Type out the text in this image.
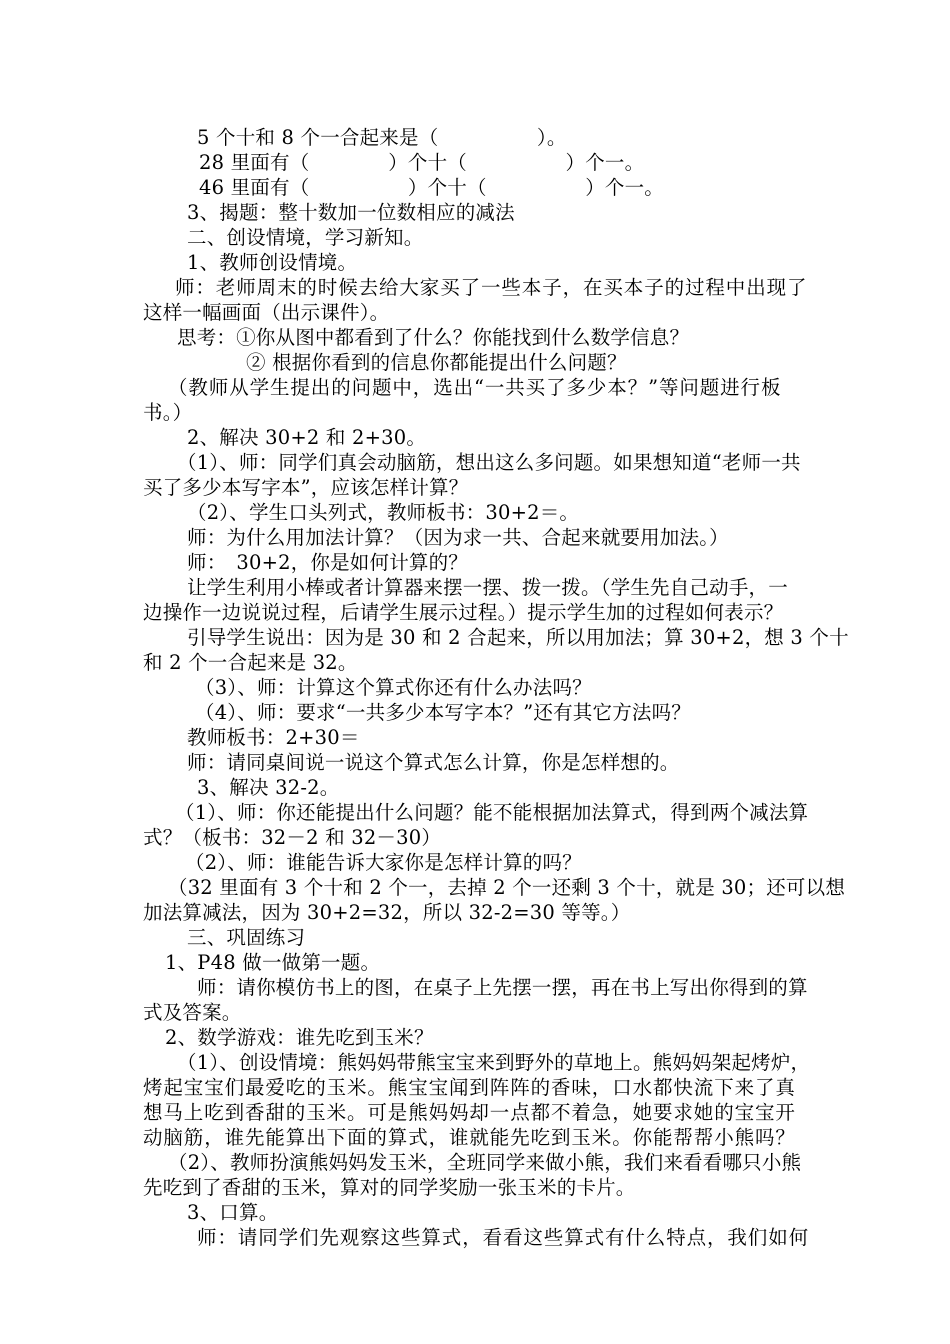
5 个十和 8 个一合起来是（　　　　　）。
28 里面有（　　　　）个十（　　　　　）个一。
46 里面有（　　　　　）个十（　　　　　）个一。
3、揭题：整十数加一位数相应的减法
二、创设情境，学习新知。
1、教师创设情境。
师：老师周末的时候去给大家买了一些本子，在买本子的过程中出现了
这样一幅画面（出示课件）。
思考：①你从图中都看到了什么？你能找到什么数学信息？
② 根据你看到的信息你都能提出什么问题？
（教师从学生提出的问题中，选出“一共买了多少本？”等问题进行板
书。）
2、解决 30+2 和 2+30。
（1）、师：同学们真会动脑筋，想出这么多问题。如果想知道“老师一共
买了多少本写字本”，应该怎样计算？
（2）、学生口头列式，教师板书：30+2＝。
师：为什么用加法计算？（因为求一共、合起来就要用加法。）
师：　30+2，你是如何计算的？
让学生利用小棒或者计算器来摆一摆、拨一拨。（学生先自己动手，一
边操作一边说说过程，后请学生展示过程。）提示学生加的过程如何表示？
引导学生说出：因为是 30 和 2 合起来，所以用加法；算 30+2，想 3 个十
和 2 个一合起来是 32。
（3）、师：计算这个算式你还有什么办法吗？
（4）、师：要求“一共多少本写字本？”还有其它方法吗？
教师板书：2+30＝
师：请同桌间说一说这个算式怎么计算，你是怎样想的。
3、解决 32-2。
（1）、师：你还能提出什么问题？能不能根据加法算式，得到两个减法算
式？（板书：32－2 和 32－30）
（2）、师：谁能告诉大家你是怎样计算的吗？
（32 里面有 3 个十和 2 个一，去掉 2 个一还剩 3 个十，就是 30；还可以想
加法算减法，因为 30+2=32，所以 32-2=30 等等。）
三、巩固练习
1、P48 做一做第一题。
师：请你模仿书上的图，在桌子上先摆一摆，再在书上写出你得到的算
式及答案。
2、数学游戏：谁先吃到玉米？
（1）、创设情境：熊妈妈带熊宝宝来到野外的草地上。熊妈妈架起烤炉，
烤起宝宝们最爱吃的玉米。熊宝宝闻到阵阵的香味，口水都快流下来了真
想马上吃到香甜的玉米。可是熊妈妈却一点都不着急，她要求她的宝宝开
动脑筋，谁先能算出下面的算式，谁就能先吃到玉米。你能帮帮小熊吗？
（2）、教师扮演熊妈妈发玉米，全班同学来做小熊，我们来看看哪只小熊
先吃到了香甜的玉米，算对的同学奖励一张玉米的卡片。
3、口算。
师：请同学们先观察这些算式，看看这些算式有什么特点，我们如何
